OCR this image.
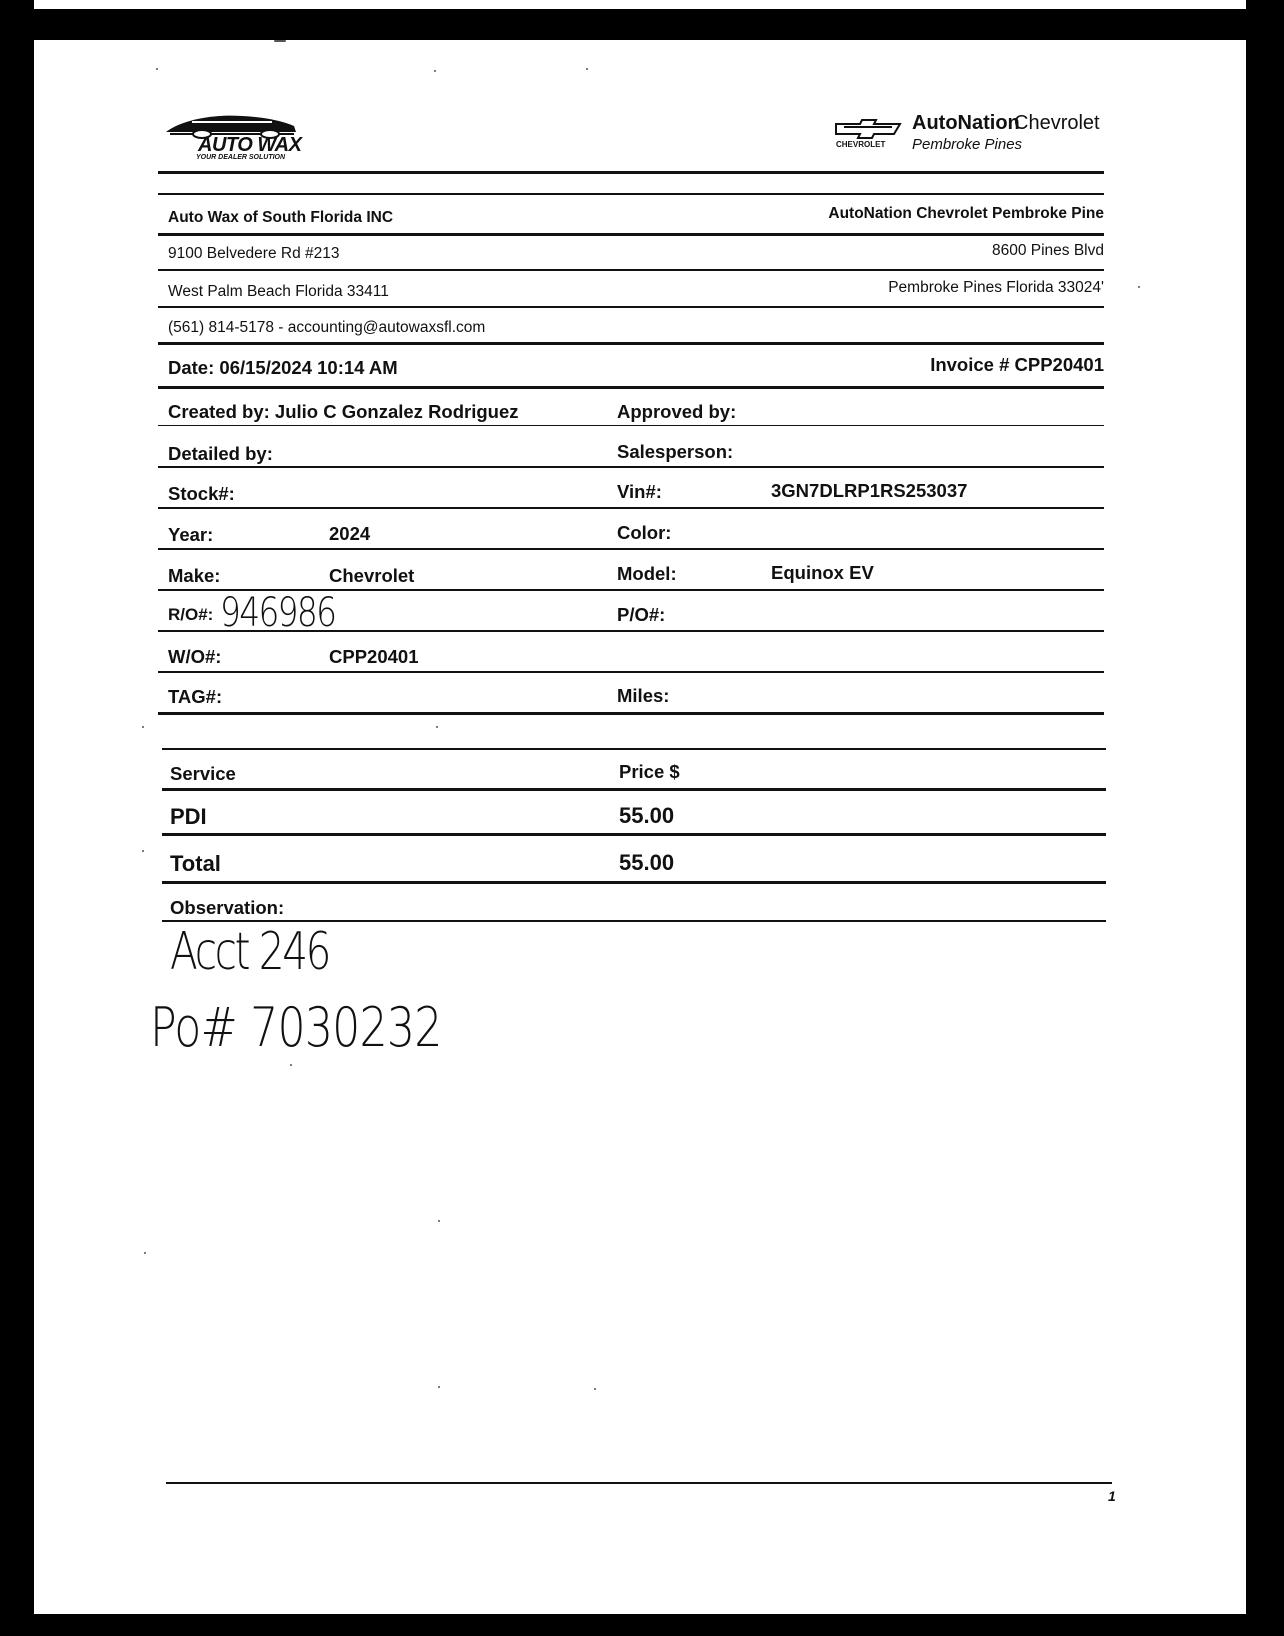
AUTO WAX
YOUR DEALER SOLUTION
AutoNation
Chevrolet
CHEVROLET Pembroke Pines
Auto Wax of South Florida INC	AutoNation Chevrolet Pembroke Pine
9100 Belvedere Rd #213	8600 Pines Blvd
West Palm Beach Florida 33411	Pembroke Pines Florida 33024'
(561) 814-5178 - accounting@autowaxsfl.com
Date: 06/15/2024 10:14 AM	Invoice # CPP20401
Created by: Julio C Gonzalez Rodriguez	Approved by:
Detailed by:	Salesperson:
Stock#:	Vin#:	3GN7DLRP1RS253037
Year:	2024	Color:
Make:	Chevrolet	Model:	Equinox EV
R/O#: 946986	P/O#:
W/O#:	CPP20401
TAG#:	Miles:
Service	Price $
PDI	55.00
Total	55.00
Observation:
Acct 246
Po# 7030232
1
